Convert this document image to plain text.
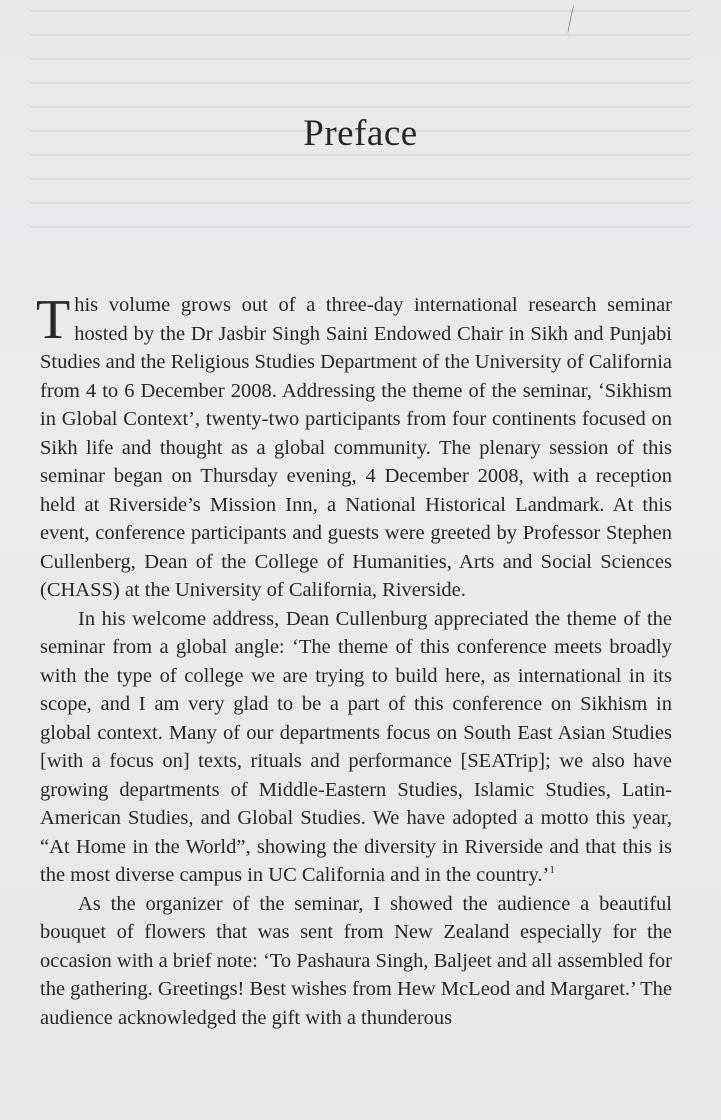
Preface

This volume grows out of a three-day international research seminar hosted by the Dr Jasbir Singh Saini Endowed Chair in Sikh and Punjabi Studies and the Religious Studies Department of the University of California from 4 to 6 December 2008. Addressing the theme of the seminar, ‘Sikhism in Global Context’, twenty-two participants from four continents focused on Sikh life and thought as a global community. The plenary session of this seminar began on Thursday evening, 4 December 2008, with a reception held at Riverside’s Mission Inn, a National Historical Landmark. At this event, conference participants and guests were greeted by Professor Stephen Cullenberg, Dean of the College of Humanities, Arts and Social Sciences (CHASS) at the University of California, Riverside.

In his welcome address, Dean Cullenburg appreciated the theme of the seminar from a global angle: ‘The theme of this conference meets broadly with the type of college we are trying to build here, as international in its scope, and I am very glad to be a part of this conference on Sikhism in global context. Many of our departments focus on South East Asian Studies [with a focus on] texts, rituals and performance [SEATrip]; we also have growing departments of Middle-Eastern Studies, Islamic Studies, Latin-American Studies, and Global Studies. We have adopted a motto this year, “At Home in the World”, showing the diversity in Riverside and that this is the most diverse campus in UC California and in the country.’$^1$

As the organizer of the seminar, I showed the audience a beautiful bouquet of flowers that was sent from New Zealand especially for the occasion with a brief note: ‘To Pashaura Singh, Baljeet and all assembled for the gathering. Greetings! Best wishes from Hew McLeod and Margaret.’ The audience acknowledged the gift with a thunderous
